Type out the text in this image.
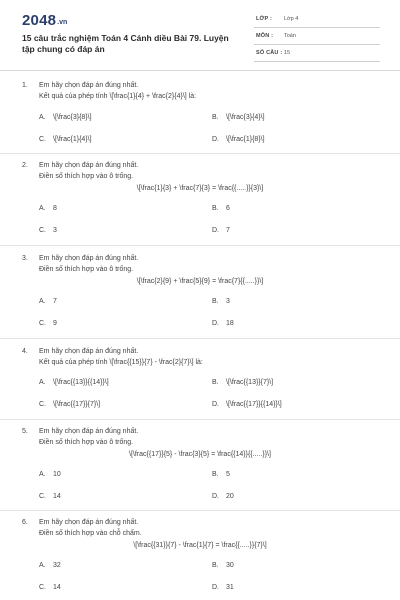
2048.vn
15 câu trắc nghiệm Toán 4 Cánh diều Bài 79. Luyện tập chung có đáp án
LỚP : Lớp 4
MÔN : Toán
SỐ CÂU : 15
1. Em hãy chọn đáp án đúng nhất.
Kết quả của phép tính \[\frac{1}{4} + \frac{2}{4}\] là:
A. \[\frac{3}{8}\]	B. \[\frac{3}{4}\]
C. \[\frac{1}{4}\]	D. \[\frac{1}{8}\]
2. Em hãy chọn đáp án đúng nhất.
Điền số thích hợp vào ô trống.
\[\frac{1}{3} + \frac{7}{3} = \frac{{.....}}{3}\]
A. 8	B. 6
C. 3	D. 7
3. Em hãy chọn đáp án đúng nhất.
Điền số thích hợp vào ô trống.
\[\frac{2}{9} + \frac{5}{9} = \frac{7}{{.....}}\]
A. 7	B. 3
C. 9	D. 18
4. Em hãy chọn đáp án đúng nhất.
Kết quả của phép tính \[\frac{{15}}{7} - \frac{2}{7}\] là:
A. \[\frac{{13}}{{14}}\]	B. \[\frac{{13}}{7}\]
C. \[\frac{{17}}{7}\]	D. \[\frac{{17}}{{14}}\]
5. Em hãy chọn đáp án đúng nhất.
Điền số thích hợp vào ô trống.
\[\frac{{17}}{5} - \frac{3}{5} = \frac{{14}}{{.....}}\]
A. 10	B. 5
C. 14	D. 20
6. Em hãy chọn đáp án đúng nhất.
Điền số thích hợp vào chỗ chấm.
\[\frac{{31}}{7} - \frac{1}{7} = \frac{{.....}}{7}\]
A. 32	B. 30
C. 14	D. 31
